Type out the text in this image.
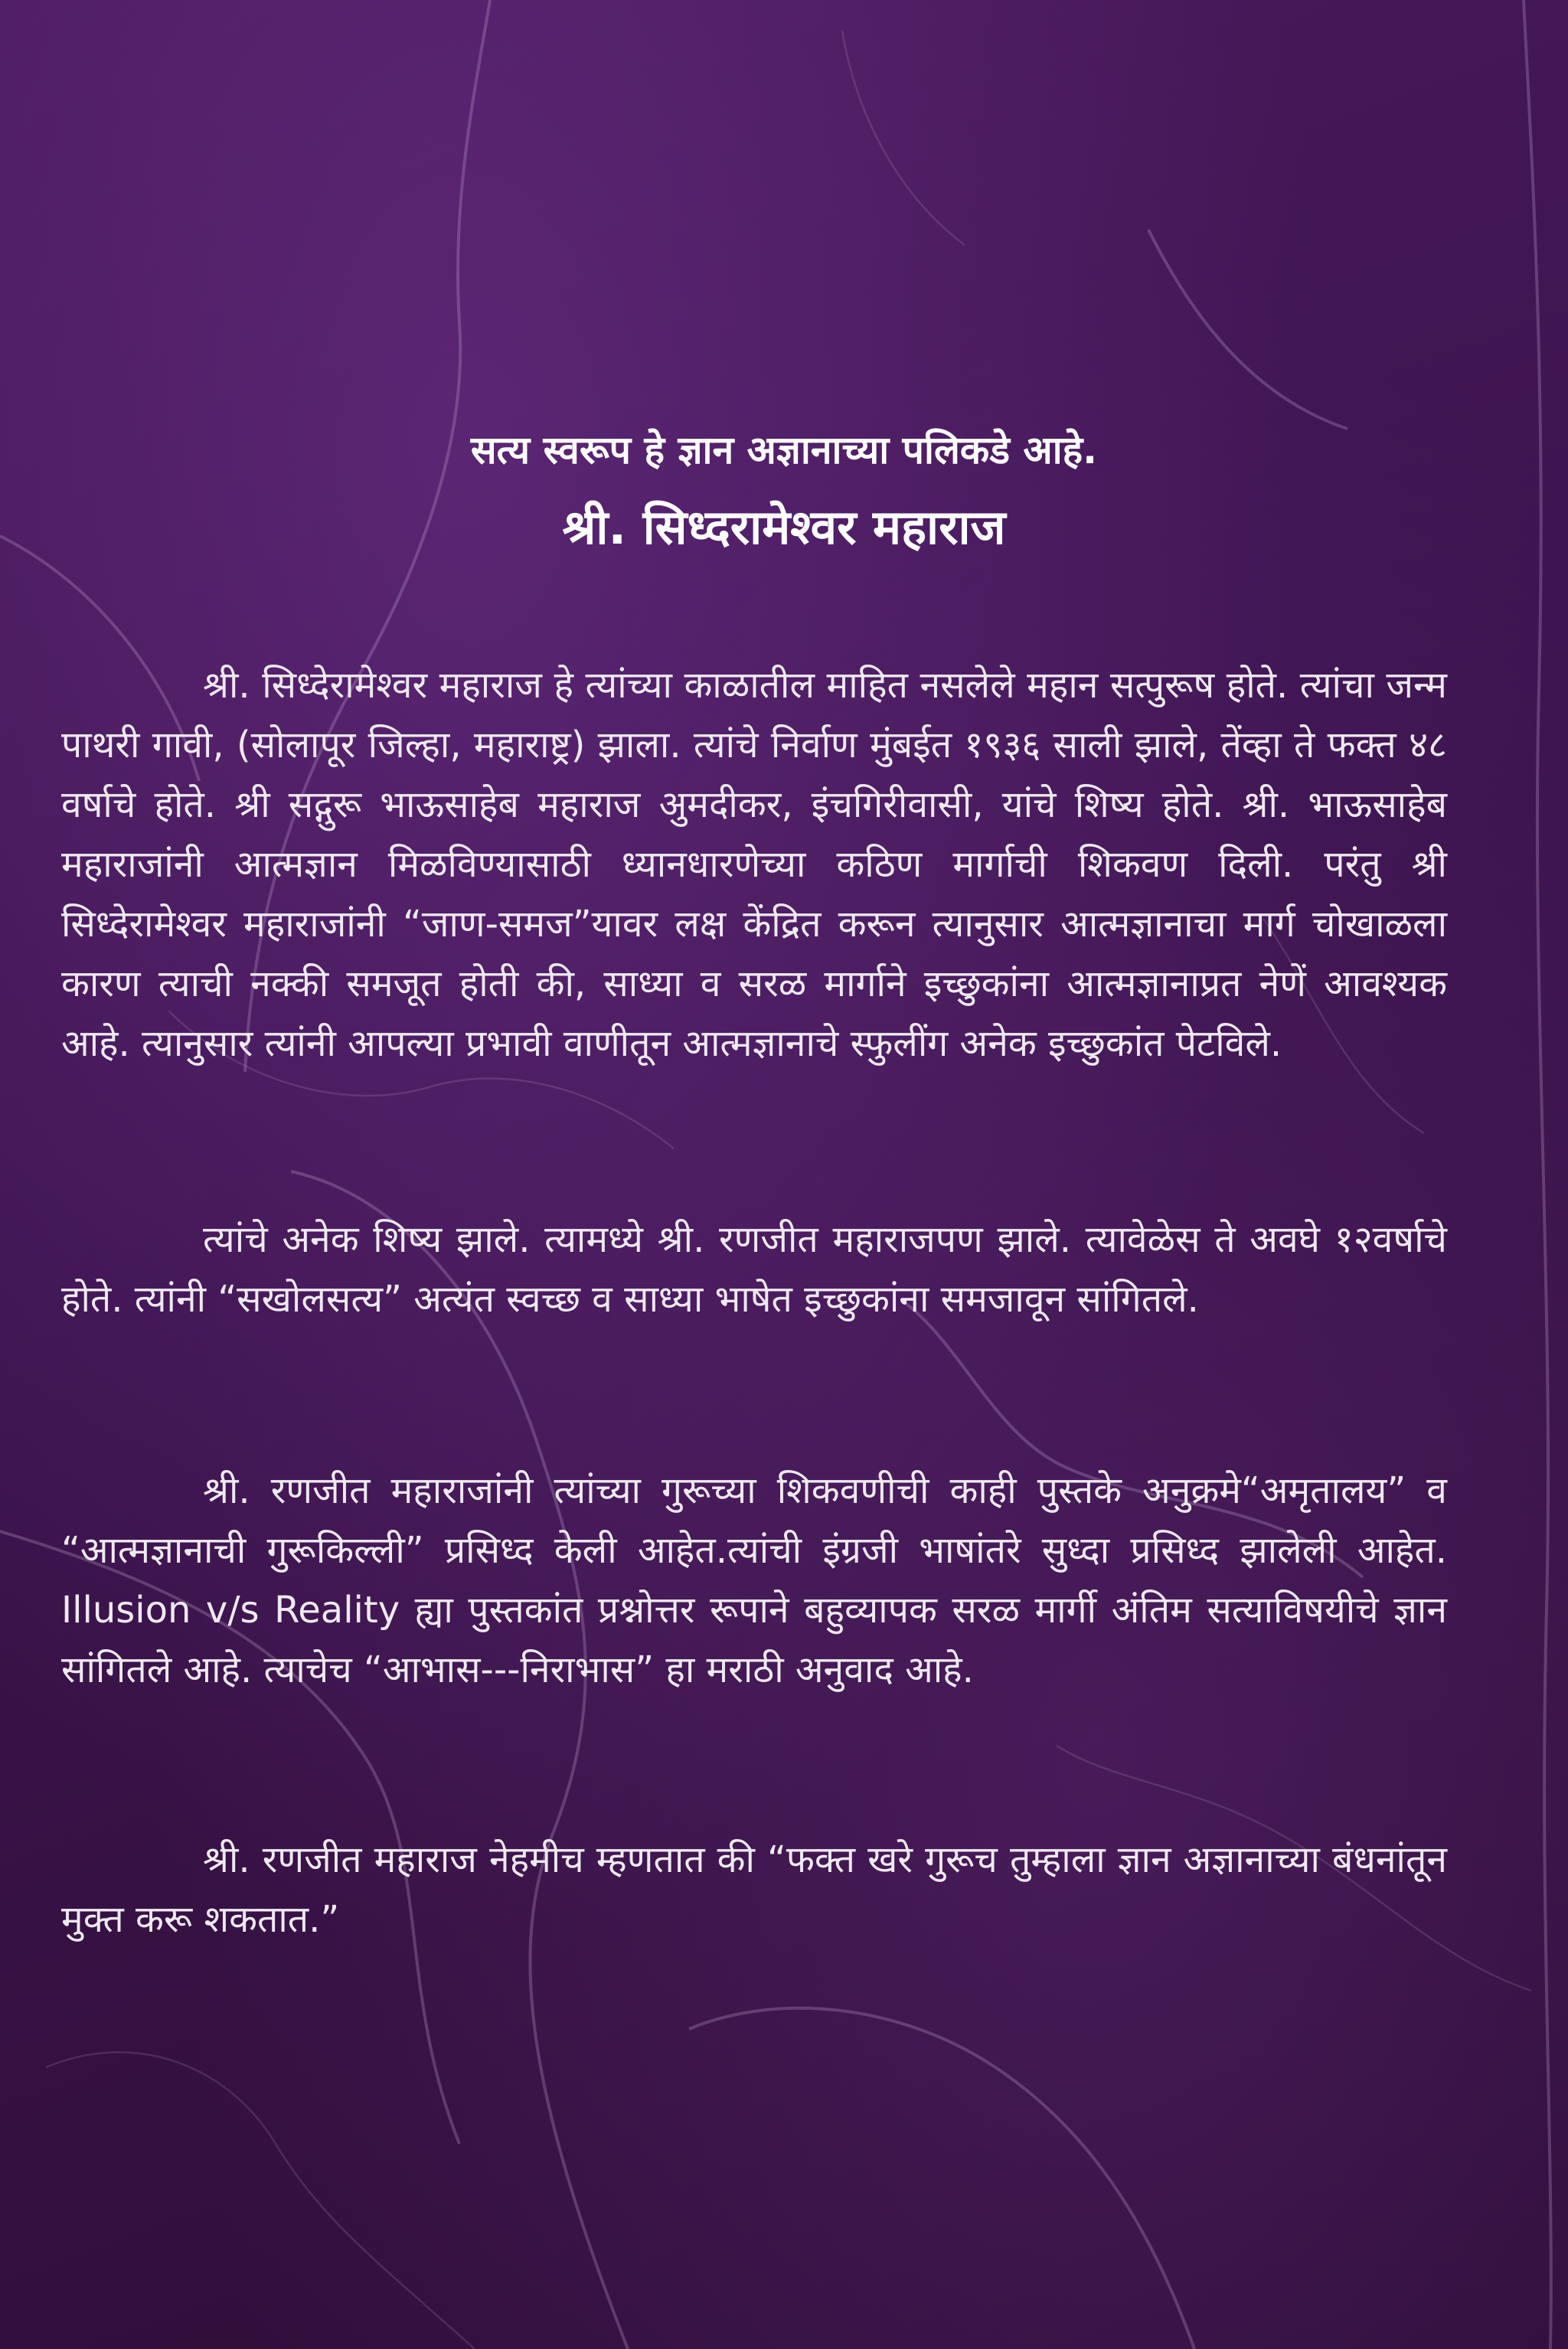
सत्य स्वरूप हे ज्ञान अज्ञानाच्या पलिकडे आहे.
श्री. सिध्दरामेश्वर महाराज

श्री. सिध्देरामेश्वर महाराज हे त्यांच्या काळातील माहित नसलेले महान सत्पुरूष होते. त्यांचा जन्म पाथरी गावी, (सोलापूर जिल्हा, महाराष्ट्र) झाला. त्यांचे निर्वाण मुंबईत १९३६ साली झाले, तेंव्हा ते फक्त ४८ वर्षाचे होते. श्री सद्गुरू भाऊसाहेब महाराज अुमदीकर, इंचगिरीवासी, यांचे शिष्य होते. श्री. भाऊसाहेब महाराजांनी आत्मज्ञान मिळविण्यासाठी ध्यानधारणेच्या कठिण मार्गाची शिकवण दिली. परंतु श्री सिध्देरामेश्वर महाराजांनी “जाण-समज”यावर लक्ष केंद्रित करून त्यानुसार आत्मज्ञानाचा मार्ग चोखाळला कारण त्याची नक्की समजूत होती की, साध्या व सरळ मार्गाने इच्छुकांना आत्मज्ञानाप्रत नेणें आवश्यक आहे. त्यानुसार त्यांनी आपल्या प्रभावी वाणीतून आत्मज्ञानाचे स्फुलींग अनेक इच्छुकांत पेटविले.

त्यांचे अनेक शिष्य झाले. त्यामध्ये श्री. रणजीत महाराजपण झाले. त्यावेळेस ते अवघे १२वर्षाचे होते. त्यांनी “सखोलसत्य” अत्यंत स्वच्छ व साध्या भाषेत इच्छुकांना समजावून सांगितले.

श्री. रणजीत महाराजांनी त्यांच्या गुरूच्या शिकवणीची काही पुस्तके अनुक्रमे“अमृतालय” व “आत्मज्ञानाची गुरूकिल्ली” प्रसिध्द केली आहेत.त्यांची इंग्रजी भाषांतरे सुध्दा प्रसिध्द झालेली आहेत. Illusion v/s Reality ह्या पुस्तकांत प्रश्नोत्तर रूपाने बहुव्यापक सरळ मार्गी अंतिम सत्याविषयीचे ज्ञान सांगितले आहे. त्याचेच “आभास---निराभास” हा मराठी अनुवाद आहे.

श्री. रणजीत महाराज नेहमीच म्हणतात की “फक्त खरे गुरूच तुम्हाला ज्ञान अज्ञानाच्या बंधनांतून मुक्त करू शकतात.”
